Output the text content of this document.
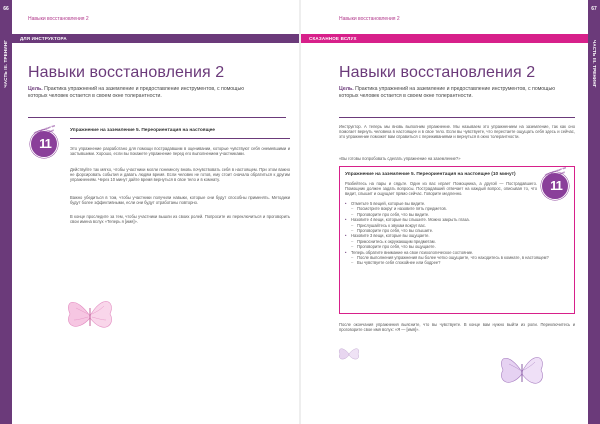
66
ЧАСТЬ III. ТРЕНИНГ
Навыки восстановления 2
ДЛЯ ИНСТРУКТОРА
Навыки восстановления 2
Цель. Практика упражнений на заземление и предоставление инструментов, с помощью которых человек остается в своем окне толерантности.
упражнение на заземление
11
Упражнение на заземление 5. Переориентация на настоящее
Это упражнение разработано для помощи пострадавшим в оценивании, которые чувствуют себя онемевшими и застывшими. Хорошо, если вы покажете упражнение перед его выполнением участниками.
Действуйте так мягко, чтобы участники могли понемногу вновь почувствовать себя в настоящем. При этом важно не форсировать события и давать людям время. Если человек не готов, ему стоит сначала обратиться к другим упражнениям. Через 10 минут дайте время вернуться в свое тело и в комнату.
Важно убедиться в том, чтобы участники получили навыки, которые они будут способны применять. Методики будут более эффективными, если они будут отработаны повторно.
В конце проследите за тем, чтобы участники вышли из своих ролей. Попросите их переключиться и проговорить свои имена вслух «Теперь я [имя]».
Навыки восстановления 2
СКАЗАННОЕ ВСЛУХ
Навыки восстановления 2
Цель. Практика упражнений на заземление и предоставление инструментов, с помощью которых человек остается в своем окне толерантности.
Инструктор. А теперь мы вновь выполним упражнение. Мы называем это упражнением на заземление, так как оно помогает вернуть человека в настоящее и в свое тело. Если вы чувствуете, что перестаете ощущать себя здесь и сейчас, это упражнение поможет вам справиться с переживаниями и вернуться в окно толерантности.
«Вы готовы попробовать сделать упражнение на заземление?»
упражнение на заземление
11
Упражнение на заземление 5. Переориентация на настоящее (10 минут)
Разбейтесь на пары и сядьте. Один из вас играет Помощника, а другой — Пострадавшего. Помощник должен задать вопросы. Пострадавший отвечает на каждый вопрос, описывая то, что видит, слышит и ощущает прямо сейчас. Говорите медленно.
• Отметьте 5 вещей, которые вы видите.
– Посмотрите вокруг и назовите пять предметов.
– Проговорите про себя, что вы видите.
• Назовите 4 вещи, которые вы слышите. Можно закрыть глаза.
– Прислушайтесь к звукам вокруг вас.
– Проговорите про себя, что вы слышите.
• Назовите 3 вещи, которые вы ощущаете.
– Прикоснитесь к окружающим предметам.
– Проговорите про себя, что вы ощущаете.
• Теперь обратите внимание на свое психологическое состояние.
– После выполнения упражнения вы более четко ощущаете, что находитесь в комнате, в настоящем?
– Вы чувствуете себя спокойнее или бодрее?
После окончания упражнения выясните, что вы чувствуете. В конце вам нужно выйти из роли. Переключитесь и проговорите свое имя вслух: «Я — [имя]».
67
ЧАСТЬ III. ТРЕНИНГ
